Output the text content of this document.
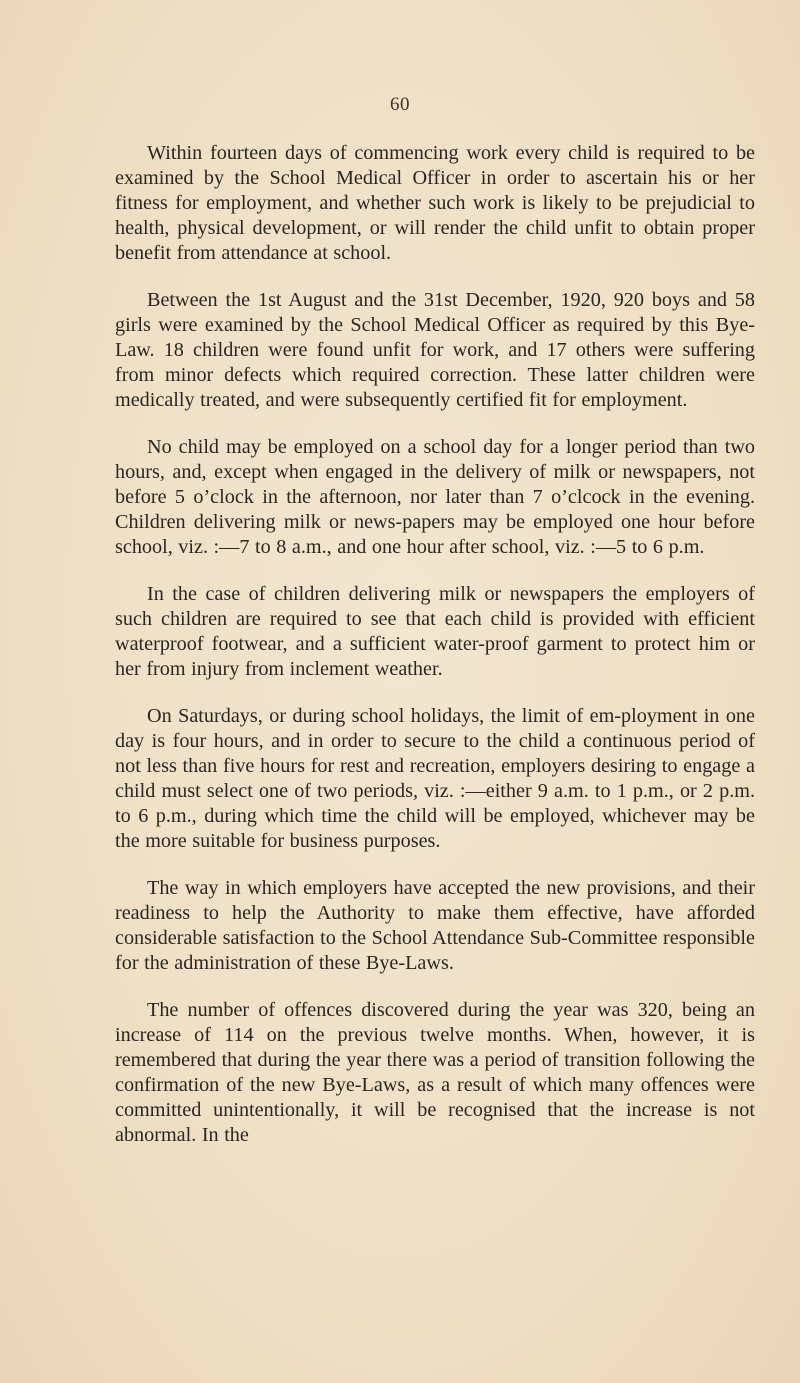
60

Within fourteen days of commencing work every child is required to be examined by the School Medical Officer in order to ascertain his or her fitness for employment, and whether such work is likely to be prejudicial to health, physical development, or will render the child unfit to obtain proper benefit from attendance at school.

Between the 1st August and the 31st December, 1920, 920 boys and 58 girls were examined by the School Medical Officer as required by this Bye-Law. 18 children were found unfit for work, and 17 others were suffering from minor defects which required correction. These latter children were medically treated, and were subsequently certified fit for employment.

No child may be employed on a school day for a longer period than two hours, and, except when engaged in the delivery of milk or newspapers, not before 5 o’clock in the afternoon, nor later than 7 o’clcock in the evening. Children delivering milk or news-papers may be employed one hour before school, viz. :—7 to 8 a.m., and one hour after school, viz. :—5 to 6 p.m.

In the case of children delivering milk or newspapers the employers of such children are required to see that each child is provided with efficient waterproof footwear, and a sufficient water-proof garment to protect him or her from injury from inclement weather.

On Saturdays, or during school holidays, the limit of em-ployment in one day is four hours, and in order to secure to the child a continuous period of not less than five hours for rest and recreation, employers desiring to engage a child must select one of two periods, viz. :—either 9 a.m. to 1 p.m., or 2 p.m. to 6 p.m., during which time the child will be employed, whichever may be the more suitable for business purposes.

The way in which employers have accepted the new provisions, and their readiness to help the Authority to make them effective, have afforded considerable satisfaction to the School Attendance Sub-Committee responsible for the administration of these Bye-Laws.

The number of offences discovered during the year was 320, being an increase of 114 on the previous twelve months. When, however, it is remembered that during the year there was a period of transition following the confirmation of the new Bye-Laws, as a result of which many offences were committed unintentionally, it will be recognised that the increase is not abnormal. In the
